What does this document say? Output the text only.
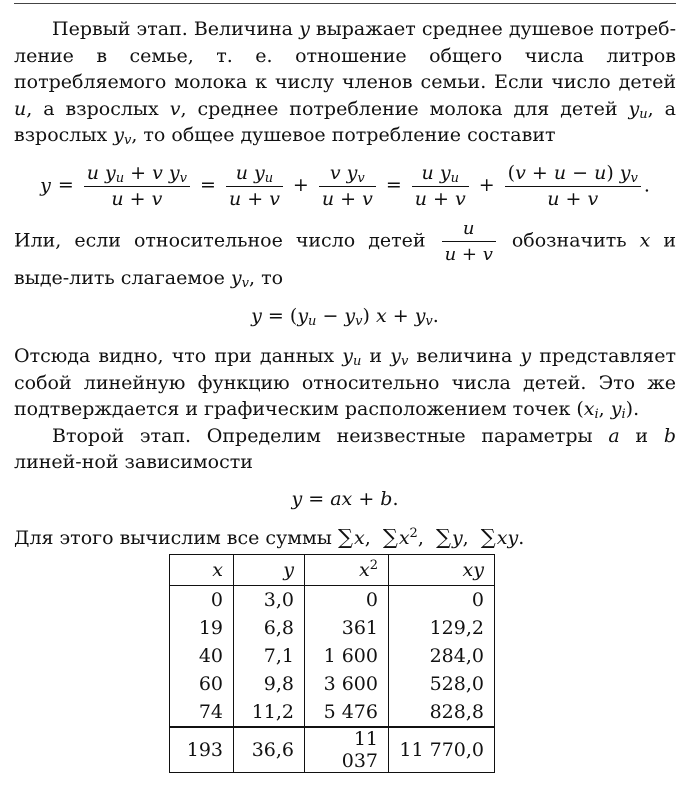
Первый этап. Величина y выражает среднее душевое потреб-ление в семье, т. е. отношение общего числа литров потребляемого молока к числу членов семьи. Если число детей u, а взрослых v, среднее потребление молока для детей $y_u$, а взрослых $y_v$, то общее душевое потребление составит

$y = \frac{u y_u + v y_v}{u + v} = \frac{u y_u}{u + v} + \frac{v y_v}{u + v} = \frac{u y_u}{u + v} + \frac{(v + u - u) y_v}{u + v}$ .

Или, если относительное число детей $\frac{u}{u + v}$ обозначить x и выде-лить слагаемое $y_v$, то

$y = (y_u - y_v) x + y_v$.

Отсюда видно, что при данных $y_u$ и $y_v$ величина y представляет собой линейную функцию относительно числа детей. Это же подтверждается и графическим расположением точек ($x_i$, $y_i$).

Второй этап. Определим неизвестные параметры a и b линей-ной зависимости

y = ax + b.

Для этого вычислим все суммы ∑x,  $\sum x^2$,  ∑y,  ∑xy.

x	y	$x^2$	xy
0	3,0	0	0
19	6,8	361	129,2
40	7,1	1 600	284,0
60	9,8	3 600	528,0
74	11,2	5 476	828,8
193	36,6	11 037	11 770,0
